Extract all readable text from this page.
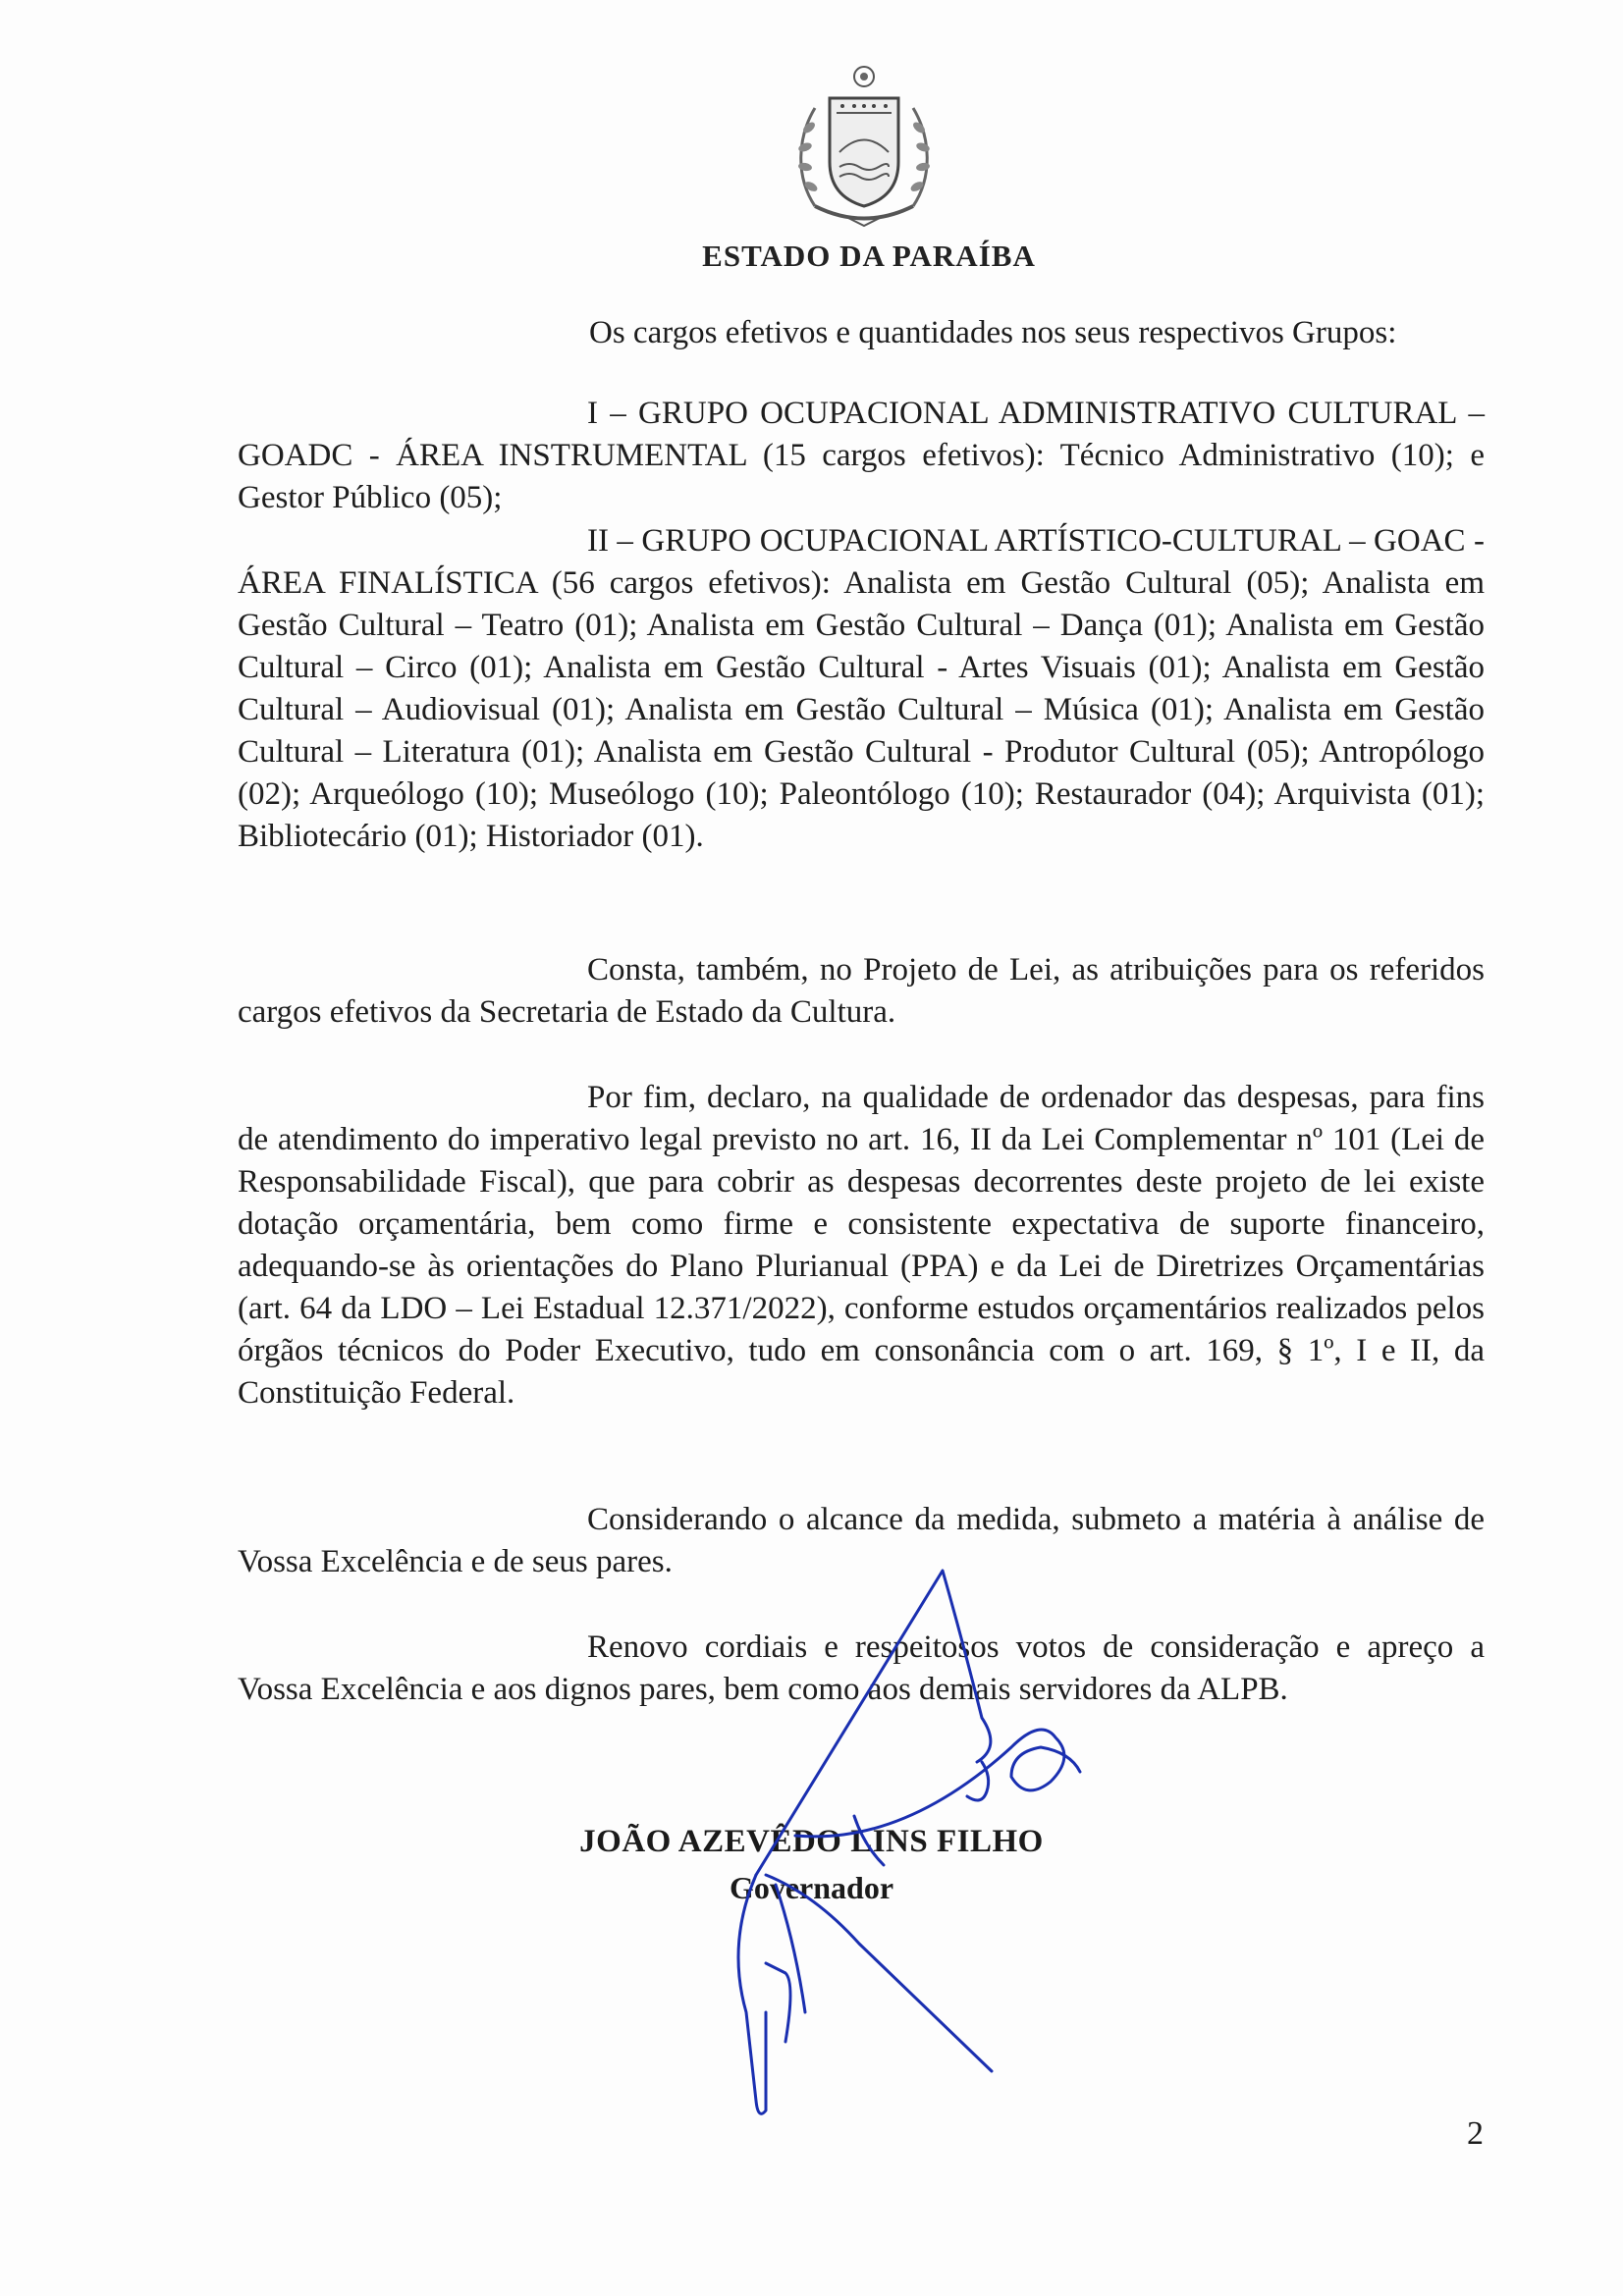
ESTADO DA PARAÍBA
Os cargos efetivos e quantidades nos seus respectivos Grupos:
I – GRUPO OCUPACIONAL ADMINISTRATIVO CULTURAL – GOADC - ÁREA INSTRUMENTAL (15 cargos efetivos): Técnico Administrativo (10); e Gestor Público (05);
II – GRUPO OCUPACIONAL ARTÍSTICO-CULTURAL – GOAC - ÁREA FINALÍSTICA (56 cargos efetivos): Analista em Gestão Cultural (05); Analista em Gestão Cultural – Teatro (01); Analista em Gestão Cultural – Dança (01); Analista em Gestão Cultural – Circo (01); Analista em Gestão Cultural - Artes Visuais (01); Analista em Gestão Cultural – Audiovisual (01); Analista em Gestão Cultural – Música (01); Analista em Gestão Cultural – Literatura (01); Analista em Gestão Cultural - Produtor Cultural (05); Antropólogo (02); Arqueólogo (10); Museólogo (10); Paleontólogo (10); Restaurador (04); Arquivista (01); Bibliotecário (01); Historiador (01).
Consta, também, no Projeto de Lei, as atribuições para os referidos cargos efetivos da Secretaria de Estado da Cultura.
Por fim, declaro, na qualidade de ordenador das despesas, para fins de atendimento do imperativo legal previsto no art. 16, II da Lei Complementar nº 101 (Lei de Responsabilidade Fiscal), que para cobrir as despesas decorrentes deste projeto de lei existe dotação orçamentária, bem como firme e consistente expectativa de suporte financeiro, adequando-se às orientações do Plano Plurianual (PPA) e da Lei de Diretrizes Orçamentárias (art. 64 da LDO – Lei Estadual 12.371/2022), conforme estudos orçamentários realizados pelos órgãos técnicos do Poder Executivo, tudo em consonância com o art. 169, § 1º, I e II, da Constituição Federal.
Considerando o alcance da medida, submeto a matéria à análise de Vossa Excelência e de seus pares.
Renovo cordiais e respeitosos votos de consideração e apreço a Vossa Excelência e aos dignos pares, bem como aos demais servidores da ALPB.
JOÃO AZEVÊDO LINS FILHO
Governador
2
